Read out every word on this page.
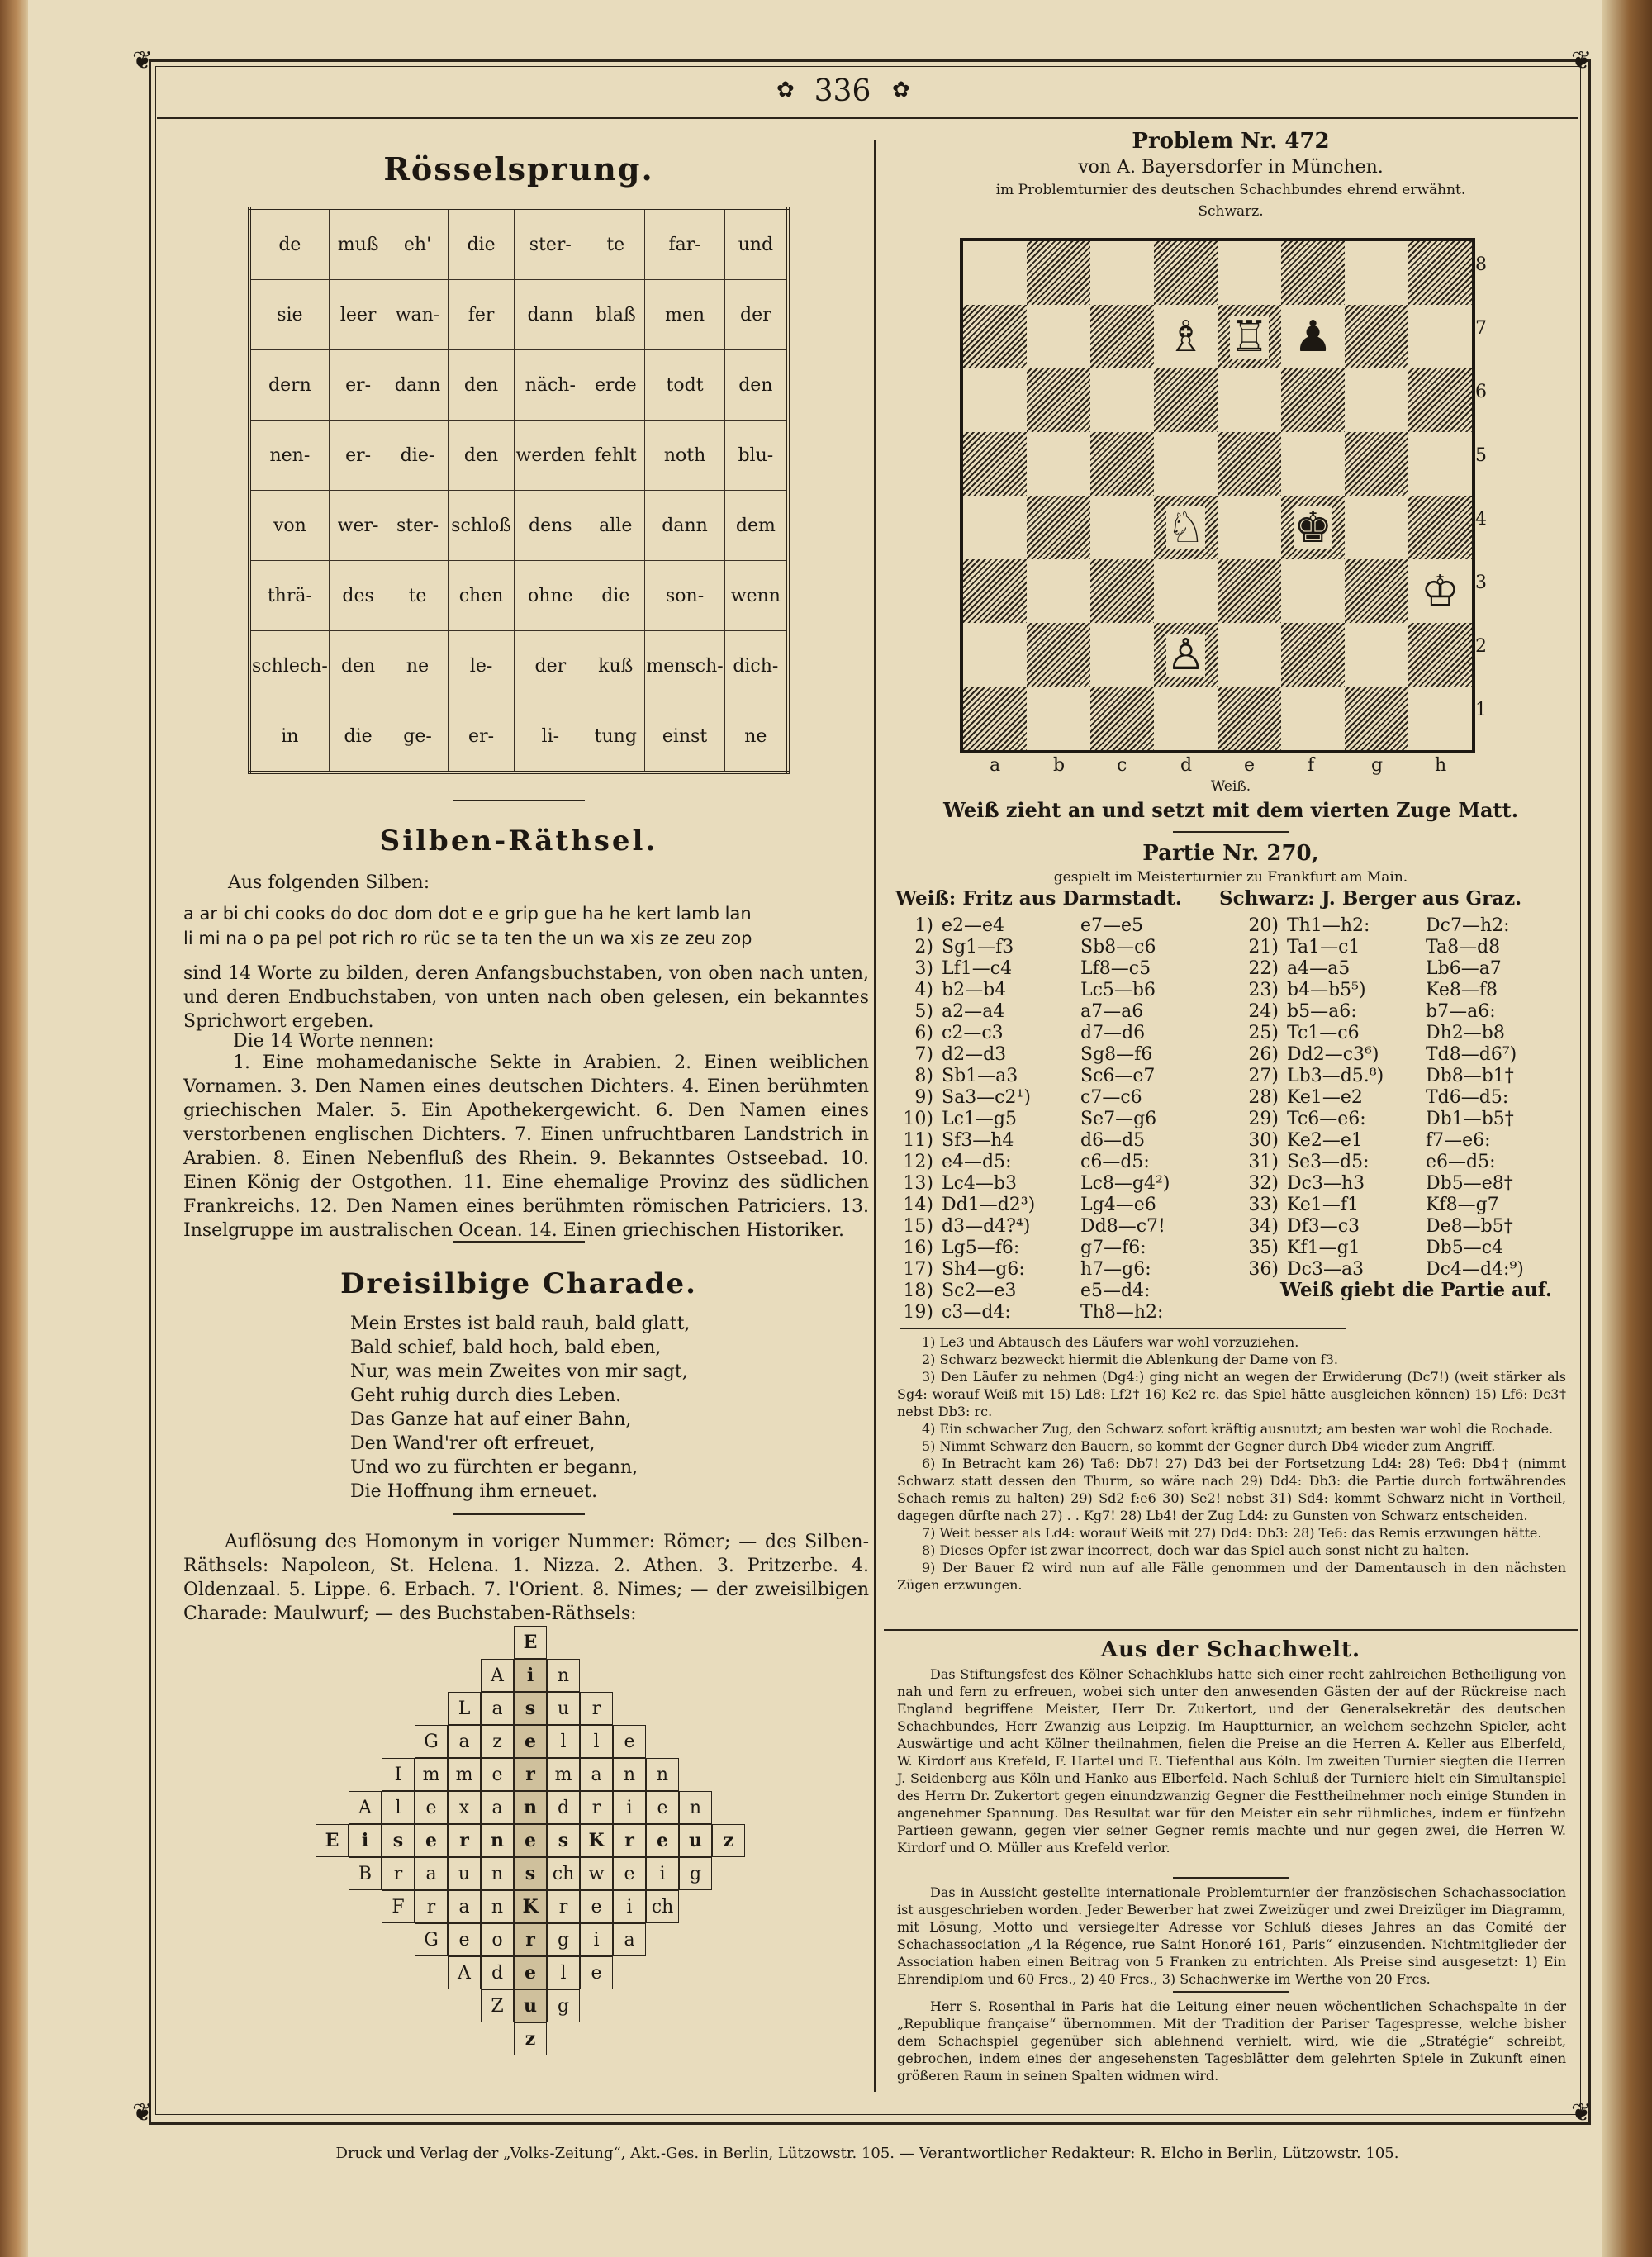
❦	❦
❦	❦
✿ 336 ✿
Rösselsprung.
de	muß	eh'	die	ster-	te	far-	und
sie	leer	wan-	fer	dann	blaß	men	der
dern	er-	dann	den	näch-	erde	todt	den
nen-	er-	die-	den	werden	fehlt	noth	blu-
von	wer-	ster-	schloß	dens	alle	dann	dem
thrä-	des	te	chen	ohne	die	son-	wenn
schlech-	den	ne	le-	der	kuß	mensch-	dich-
in	die	ge-	er-	li-	tung	einst	ne
Silben-Räthsel.
Aus folgenden Silben:
a ar bi chi cooks do doc dom dot e e grip gue ha he kert lamb lan
li mi na o pa pel pot rich ro rüc se ta ten the un wa xis ze zeu zop
sind 14 Worte zu bilden, deren Anfangsbuchstaben, von oben nach unten, und deren Endbuchstaben, von unten nach oben gelesen, ein bekanntes Sprichwort ergeben.
Die 14 Worte nennen:
1. Eine mohamedanische Sekte in Arabien. 2. Einen weiblichen Vornamen. 3. Den Namen eines deutschen Dichters. 4. Einen berühmten griechischen Maler. 5. Ein Apothekergewicht. 6. Den Namen eines verstorbenen englischen Dichters. 7. Einen unfruchtbaren Landstrich in Arabien. 8. Einen Nebenfluß des Rhein. 9. Bekanntes Ostseebad. 10. Einen König der Ostgothen. 11. Eine ehemalige Provinz des südlichen Frankreichs. 12. Den Namen eines berühmten römischen Patriciers. 13. Inselgruppe im australischen Ocean. 14. Einen griechischen Historiker.
Dreisilbige Charade.
Mein Erstes ist bald rauh, bald glatt,
Bald schief, bald hoch, bald eben,
Nur, was mein Zweites von mir sagt,
Geht ruhig durch dies Leben.
Das Ganze hat auf einer Bahn,
Den Wand'rer oft erfreuet,
Und wo zu fürchten er begann,
Die Hoffnung ihm erneuet.
Auflösung des Homonym in voriger Nummer: Römer; — des Silben-Räthsels: Napoleon, St. Helena. 1. Nizza. 2. Athen. 3. Pritzerbe. 4. Oldenzaal. 5. Lippe. 6. Erbach. 7. l'Orient. 8. Nimes; — der zweisilbigen Charade: Maulwurf; — des Buchstaben-Räthsels:
E
A	i	n
L	a	s	u	r
G	a	z	e	l	l	e
I	m m	e	r	m	a	n	n
A	l	e	x	a	n	d	r	i	e	n
E	i	s	e	r	n	e	s	K	r	e	u	z
B	r	a	u	n	s ch w	e	i	g
F	r	a	n	K	r	e	i	ch
G	e	o	r	g	i	a
A	d	e	l	e
Z	u	g
z
Problem Nr. 472
von A. Bayersdorfer in München.
im Problemturnier des deutschen Schachbundes ehrend erwähnt.
Schwarz.
♗ ♖ ♟
♘ ♚
♔
♙
8
7
6
5
4
3
2
1
a	b	c	d	e	f	g	h
Weiß.
Weiß zieht an und setzt mit dem vierten Zuge Matt.
Partie Nr. 270,
gespielt im Meisterturnier zu Frankfurt am Main.
Weiß: Fritz aus Darmstadt. Schwarz: J. Berger aus Graz.
1) e2—e4	e7—e5
2) Sg1—f3	Sb8—c6
3) Lf1—c4	Lf8—c5
4) b2—b4	Lc5—b6
5) a2—a4	a7—a6
6) c2—c3	d7—d6
7) d2—d3	Sg8—f6
8) Sb1—a3	Sc6—e7
9) Sa3—c2¹)	c7—c6
10) Lc1—g5	Se7—g6
11) Sf3—h4	d6—d5
12) e4—d5:	c6—d5:
13) Lc4—b3	Lc8—g4²)
14) Dd1—d2³) Lg4—e6
15) d3—d4?⁴)	Dd8—c7!
16) Lg5—f6:	g7—f6:
17) Sh4—g6:	h7—g6:
18) Sc2—e3	e5—d4:
19) c3—d4:	Th8—h2:
20) Th1—h2:	Dc7—h2:
21) Ta1—c1	Ta8—d8
22) a4—a5	Lb6—a7
23) b4—b5⁵)	Ke8—f8
24) b5—a6:	b7—a6:
25) Tc1—c6	Dh2—b8
26) Dd2—c3⁶)	Td8—d6⁷)
27) Lb3—d5.⁸) Db8—b1†
28) Ke1—e2	Td6—d5:
29) Tc6—e6:	Db1—b5†
30) Ke2—e1	f7—e6:
31) Se3—d5:	e6—d5:
32) Dc3—h3	Db5—e8†
33) Ke1—f1	Kf8—g7
34) Df3—c3	De8—b5†
35) Kf1—g1	Db5—c4
36) Dc3—a3	Dc4—d4:⁹)
Weiß giebt die Partie auf.
1) Le3 und Abtausch des Läufers war wohl vorzuziehen.
2) Schwarz bezweckt hiermit die Ablenkung der Dame von f3.
3) Den Läufer zu nehmen (Dg4:) ging nicht an wegen der Erwiderung (Dc7!) (weit stärker als Sg4: worauf Weiß mit 15) Ld8: Lf2† 16) Ke2 rc. das Spiel hätte ausgleichen können) 15) Lf6: Dc3† nebst Db3: rc.
4) Ein schwacher Zug, den Schwarz sofort kräftig ausnutzt; am besten war wohl die Rochade.
5) Nimmt Schwarz den Bauern, so kommt der Gegner durch Db4 wieder zum Angriff.
6) In Betracht kam 26) Ta6: Db7! 27) Dd3 bei der Fortsetzung Ld4: 28) Te6: Db4† (nimmt Schwarz statt dessen den Thurm, so wäre nach 29) Dd4: Db3: die Partie durch fortwährendes Schach remis zu halten) 29) Sd2 f:e6 30) Se2! nebst 31) Sd4: kommt Schwarz nicht in Vortheil, dagegen dürfte nach 27) . . Kg7! 28) Lb4! der Zug Ld4: zu Gunsten von Schwarz entscheiden.
7) Weit besser als Ld4: worauf Weiß mit 27) Dd4: Db3: 28) Te6: das Remis erzwungen hätte.
8) Dieses Opfer ist zwar incorrect, doch war das Spiel auch sonst nicht zu halten.
9) Der Bauer f2 wird nun auf alle Fälle genommen und der Damentausch in den nächsten Zügen erzwungen.
Aus der Schachwelt.
Das Stiftungsfest des Kölner Schachklubs hatte sich einer recht zahlreichen Betheiligung von nah und fern zu erfreuen, wobei sich unter den anwesenden Gästen der auf der Rückreise nach England begriffene Meister, Herr Dr. Zukertort, und der Generalsekretär des deutschen Schachbundes, Herr Zwanzig aus Leipzig. Im Hauptturnier, an welchem sechzehn Spieler, acht Auswärtige und acht Kölner theilnahmen, fielen die Preise an die Herren A. Keller aus Elberfeld, W. Kirdorf aus Krefeld, F. Hartel und E. Tiefenthal aus Köln. Im zweiten Turnier siegten die Herren J. Seidenberg aus Köln und Hanko aus Elberfeld. Nach Schluß der Turniere hielt ein Simultanspiel des Herrn Dr. Zukertort gegen einundzwanzig Gegner die Festtheilnehmer noch einige Stunden in angenehmer Spannung. Das Resultat war für den Meister ein sehr rühmliches, indem er fünfzehn Partieen gewann, gegen vier seiner Gegner remis machte und nur gegen zwei, die Herren W. Kirdorf und O. Müller aus Krefeld verlor.
Das in Aussicht gestellte internationale Problemturnier der französischen Schachassociation ist ausgeschrieben worden. Jeder Bewerber hat zwei Zweizüger und zwei Dreizüger im Diagramm, mit Lösung, Motto und versiegelter Adresse vor Schluß dieses Jahres an das Comité der Schachassociation „4 la Régence, rue Saint Honoré 161, Paris“ einzusenden. Nichtmitglieder der Association haben einen Beitrag von 5 Franken zu entrichten. Als Preise sind ausgesetzt: 1) Ein Ehrendiplom und 60 Frcs., 2) 40 Frcs., 3) Schachwerke im Werthe von 20 Frcs.
Herr S. Rosenthal in Paris hat die Leitung einer neuen wöchentlichen Schachspalte in der „Republique française“ übernommen. Mit der Tradition der Pariser Tagespresse, welche bisher dem Schachspiel gegenüber sich ablehnend verhielt, wird, wie die „Stratégie“ schreibt, gebrochen, indem eines der angesehensten Tagesblätter dem gelehrten Spiele in Zukunft einen größeren Raum in seinen Spalten widmen wird.
Druck und Verlag der „Volks-Zeitung“, Akt.-Ges. in Berlin, Lützowstr. 105. — Verantwortlicher Redakteur: R. Elcho in Berlin, Lützowstr. 105.
